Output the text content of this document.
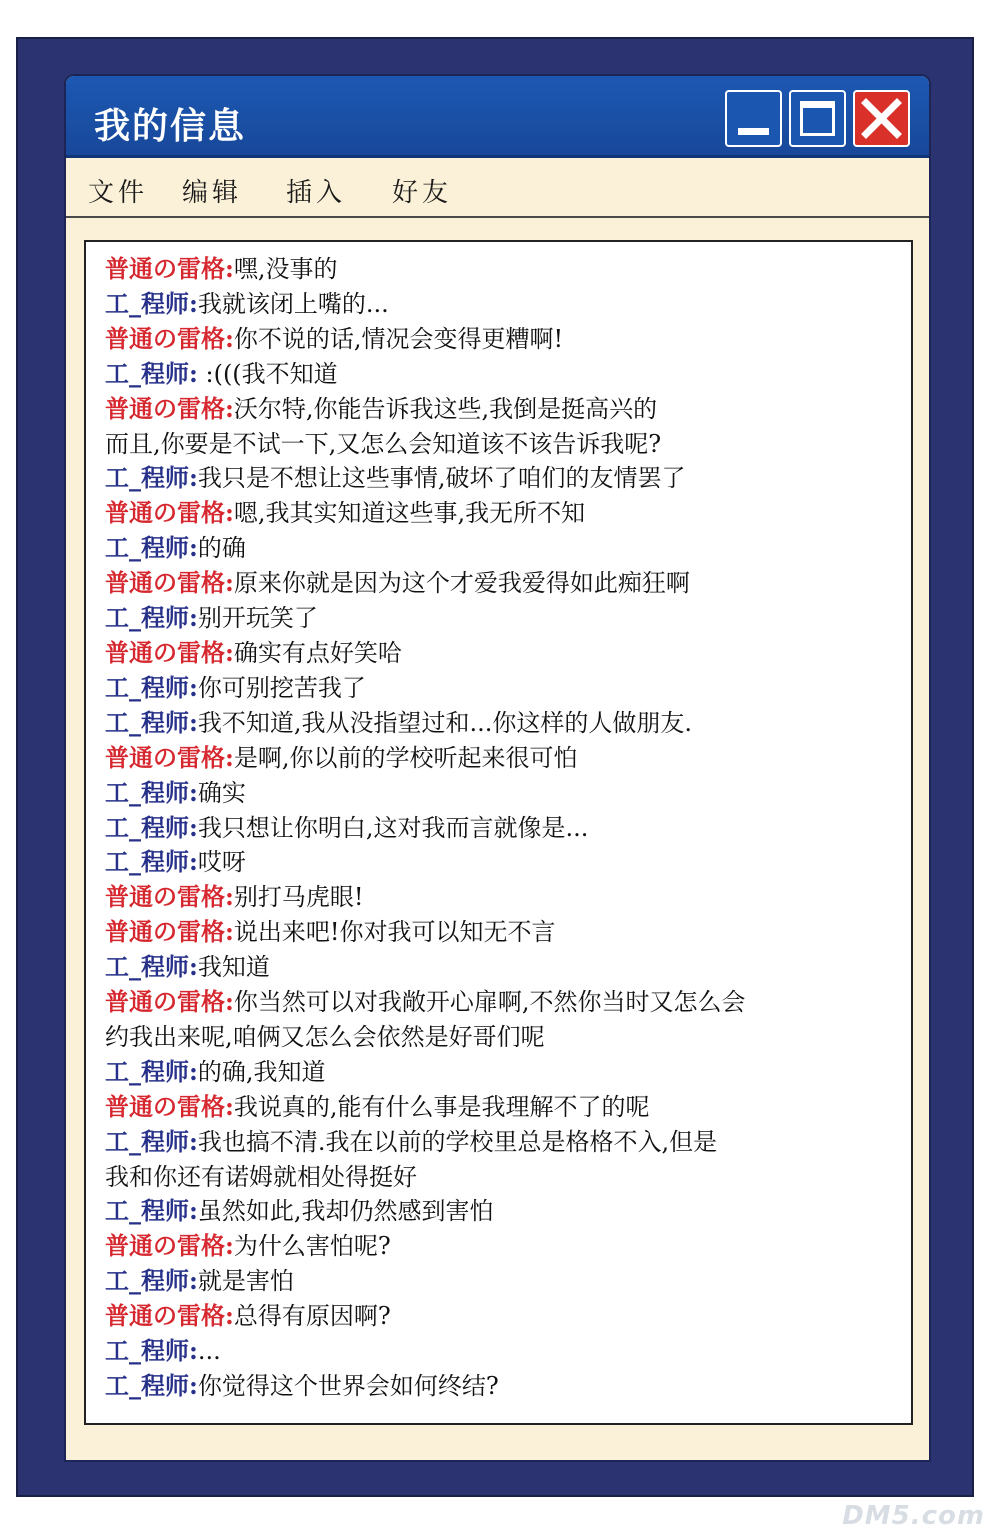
我的信息
文件 编辑 插入 好友
普通の雷格:嘿,没事的
工_程师:我就该闭上嘴的...
普通の雷格:你不说的话,情况会变得更糟啊!
工_程师: :(((我不知道
普通の雷格:沃尔特,你能告诉我这些,我倒是挺高兴的
而且,你要是不试一下,又怎么会知道该不该告诉我呢?
工_程师:我只是不想让这些事情,破坏了咱们的友情罢了
普通の雷格:嗯,我其实知道这些事,我无所不知
工_程师:的确
普通の雷格:原来你就是因为这个才爱我爱得如此痴狂啊
工_程师:别开玩笑了
普通の雷格:确实有点好笑哈
工_程师:你可别挖苦我了
工_程师:我不知道,我从没指望过和...你这样的人做朋友.
普通の雷格:是啊,你以前的学校听起来很可怕
工_程师:确实
工_程师:我只想让你明白,这对我而言就像是...
工_程师:哎呀
普通の雷格:别打马虎眼!
普通の雷格:说出来吧!你对我可以知无不言
工_程师:我知道
普通の雷格:你当然可以对我敞开心扉啊,不然你当时又怎么会
约我出来呢,咱俩又怎么会依然是好哥们呢
工_程师:的确,我知道
普通の雷格:我说真的,能有什么事是我理解不了的呢
工_程师:我也搞不清.我在以前的学校里总是格格不入,但是
我和你还有诺姆就相处得挺好
工_程师:虽然如此,我却仍然感到害怕
普通の雷格:为什么害怕呢?
工_程师:就是害怕
普通の雷格:总得有原因啊?
工_程师:...
工_程师:你觉得这个世界会如何终结?
DM5.com
